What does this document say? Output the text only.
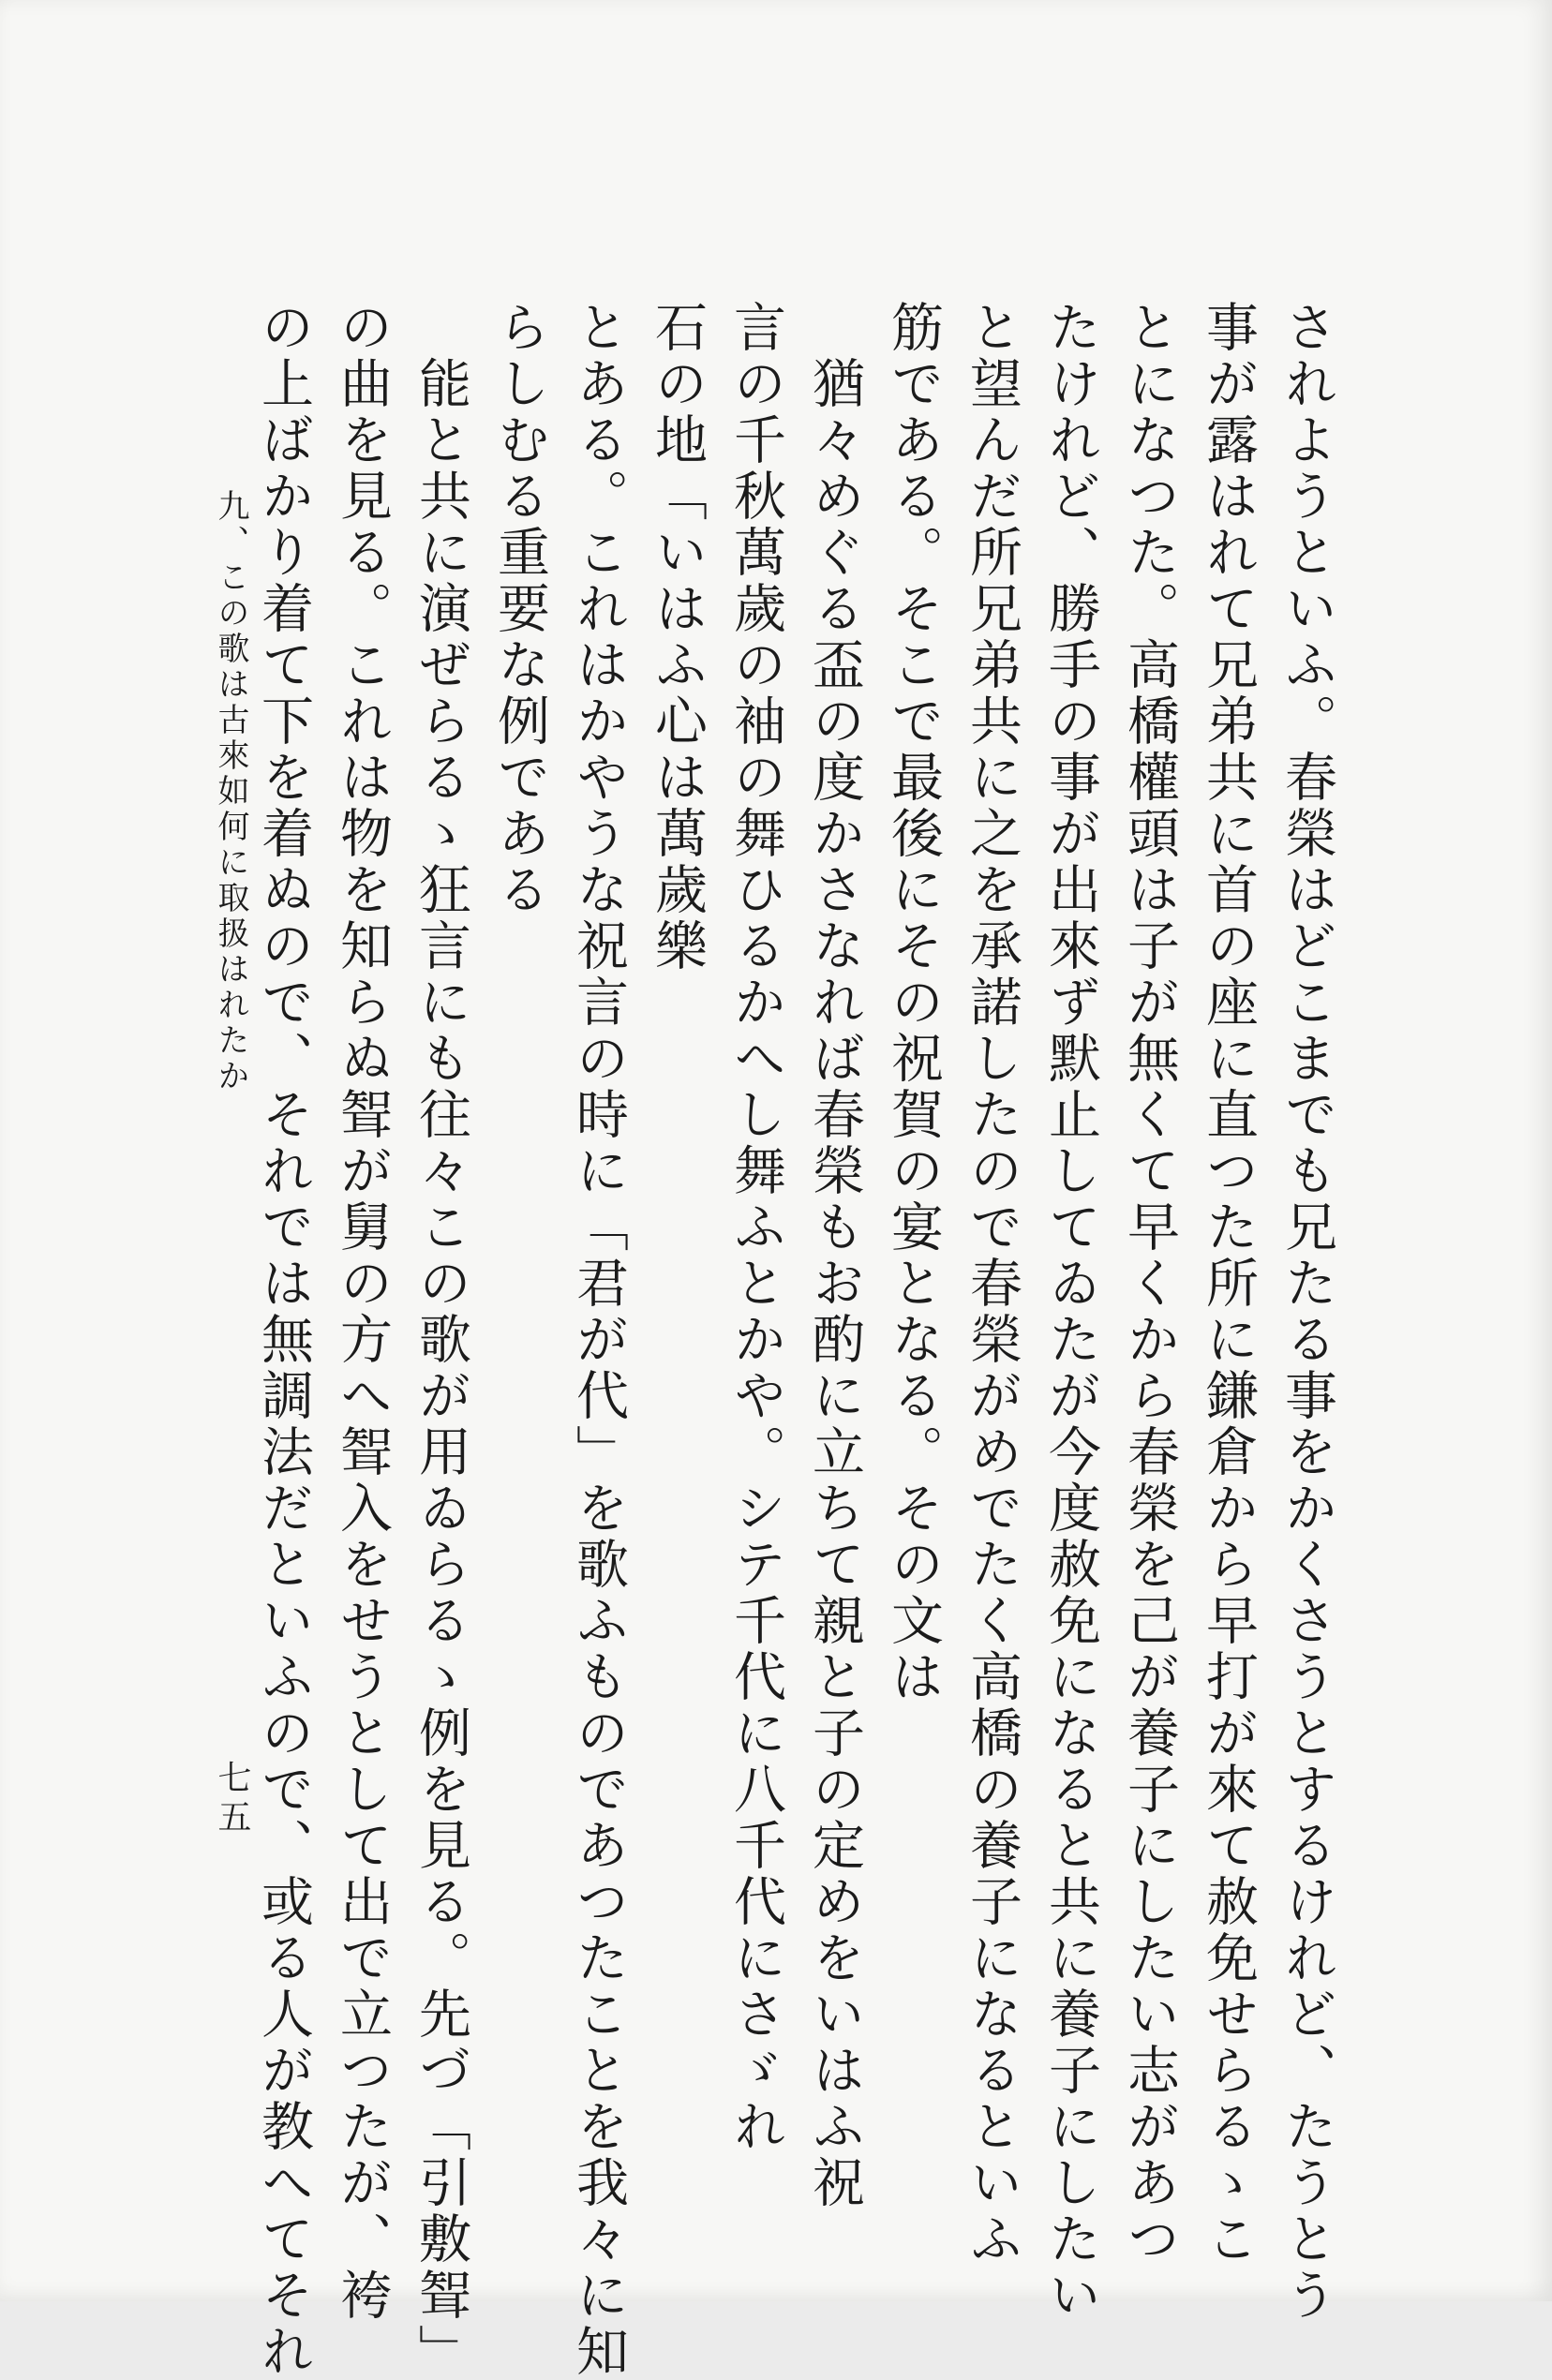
されようといふ。春榮はどこまでも兄たる事をかくさうとするけれど、たうとう
事が露はれて兄弟共に首の座に直つた所に鎌倉から早打が來て赦免せらるゝこ
とになつた。高橋權頭は子が無くて早くから春榮を己が養子にしたい志があつ
たけれど、勝手の事が出來ず默止してゐたが今度赦免になると共に養子にしたい
と望んだ所兄弟共に之を承諾したので春榮がめでたく高橋の養子になるといふ
筋である。そこで最後にその祝賀の宴となる。その文は
　猶々めぐる盃の度かさなれば春榮もお酌に立ちて親と子の定めをいはふ祝
言の千秋萬歲の袖の舞ひるかへし舞ふとかや。シテ千代に八千代にさゞれ
石の地「いはふ心は萬歲樂
とある。これはかやうな祝言の時に「君が代」を歌ふものであつたことを我々に知
らしむる重要な例である
　能と共に演ぜらるゝ狂言にも往々この歌が用ゐらるゝ例を見る。先づ「引敷聟」
の曲を見る。これは物を知らぬ聟が舅の方へ聟入をせうとして出で立つたが、袴
の上ばかり着て下を着ぬので、それでは無調法だといふので、或る人が教へてそれ
九、この歌は古來如何に取扱はれたか
七五
